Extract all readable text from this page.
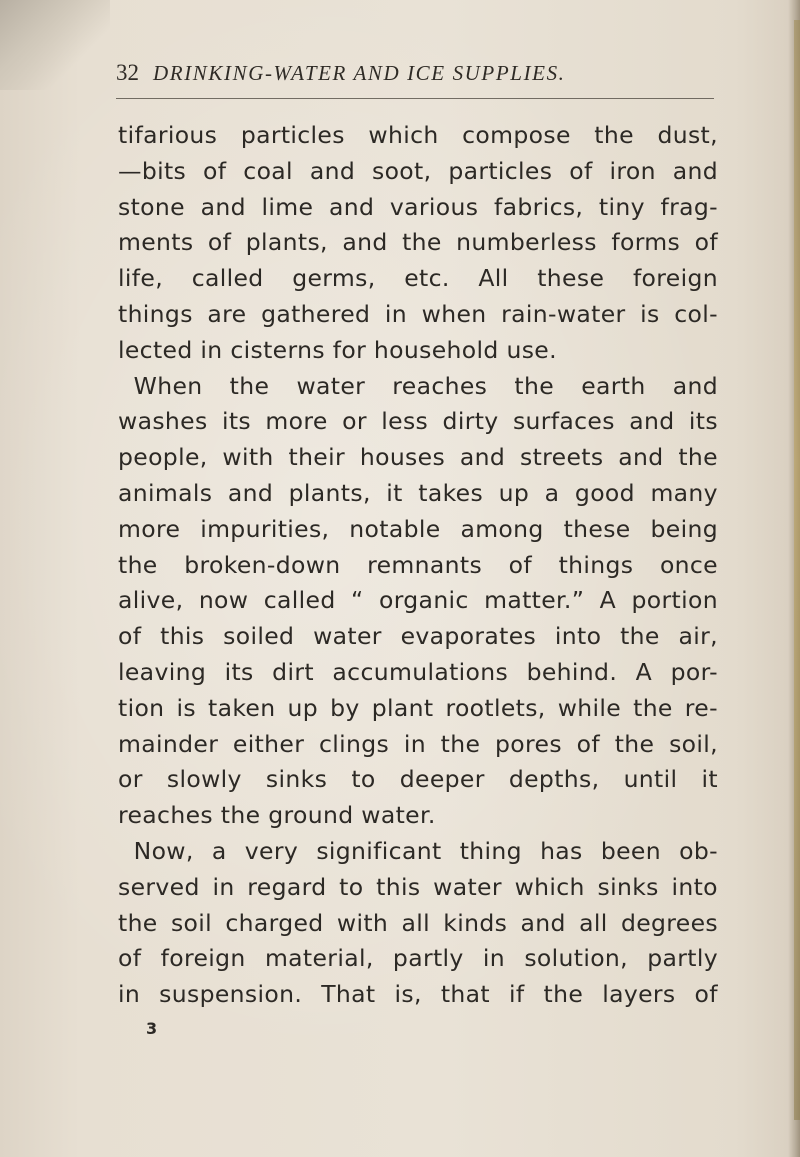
32 DRINKING-WATER AND ICE SUPPLIES.
tifarious particles which compose the dust,
—bits of coal and soot, particles of iron and
stone and lime and various fabrics, tiny frag-
ments of plants, and the numberless forms of
life, called germs, etc. All these foreign
things are gathered in when rain-water is col-
lected in cisterns for household use.
When the water reaches the earth and
washes its more or less dirty surfaces and its
people, with their houses and streets and the
animals and plants, it takes up a good many
more impurities, notable among these being
the broken-down remnants of things once
alive, now called “ organic matter.” A portion
of this soiled water evaporates into the air,
leaving its dirt accumulations behind. A por-
tion is taken up by plant rootlets, while the re-
mainder either clings in the pores of the soil,
or slowly sinks to deeper depths, until it
reaches the ground water.
Now, a very significant thing has been ob-
served in regard to this water which sinks into
the soil charged with all kinds and all degrees
of foreign material, partly in solution, partly
in suspension. That is, that if the layers of
3
